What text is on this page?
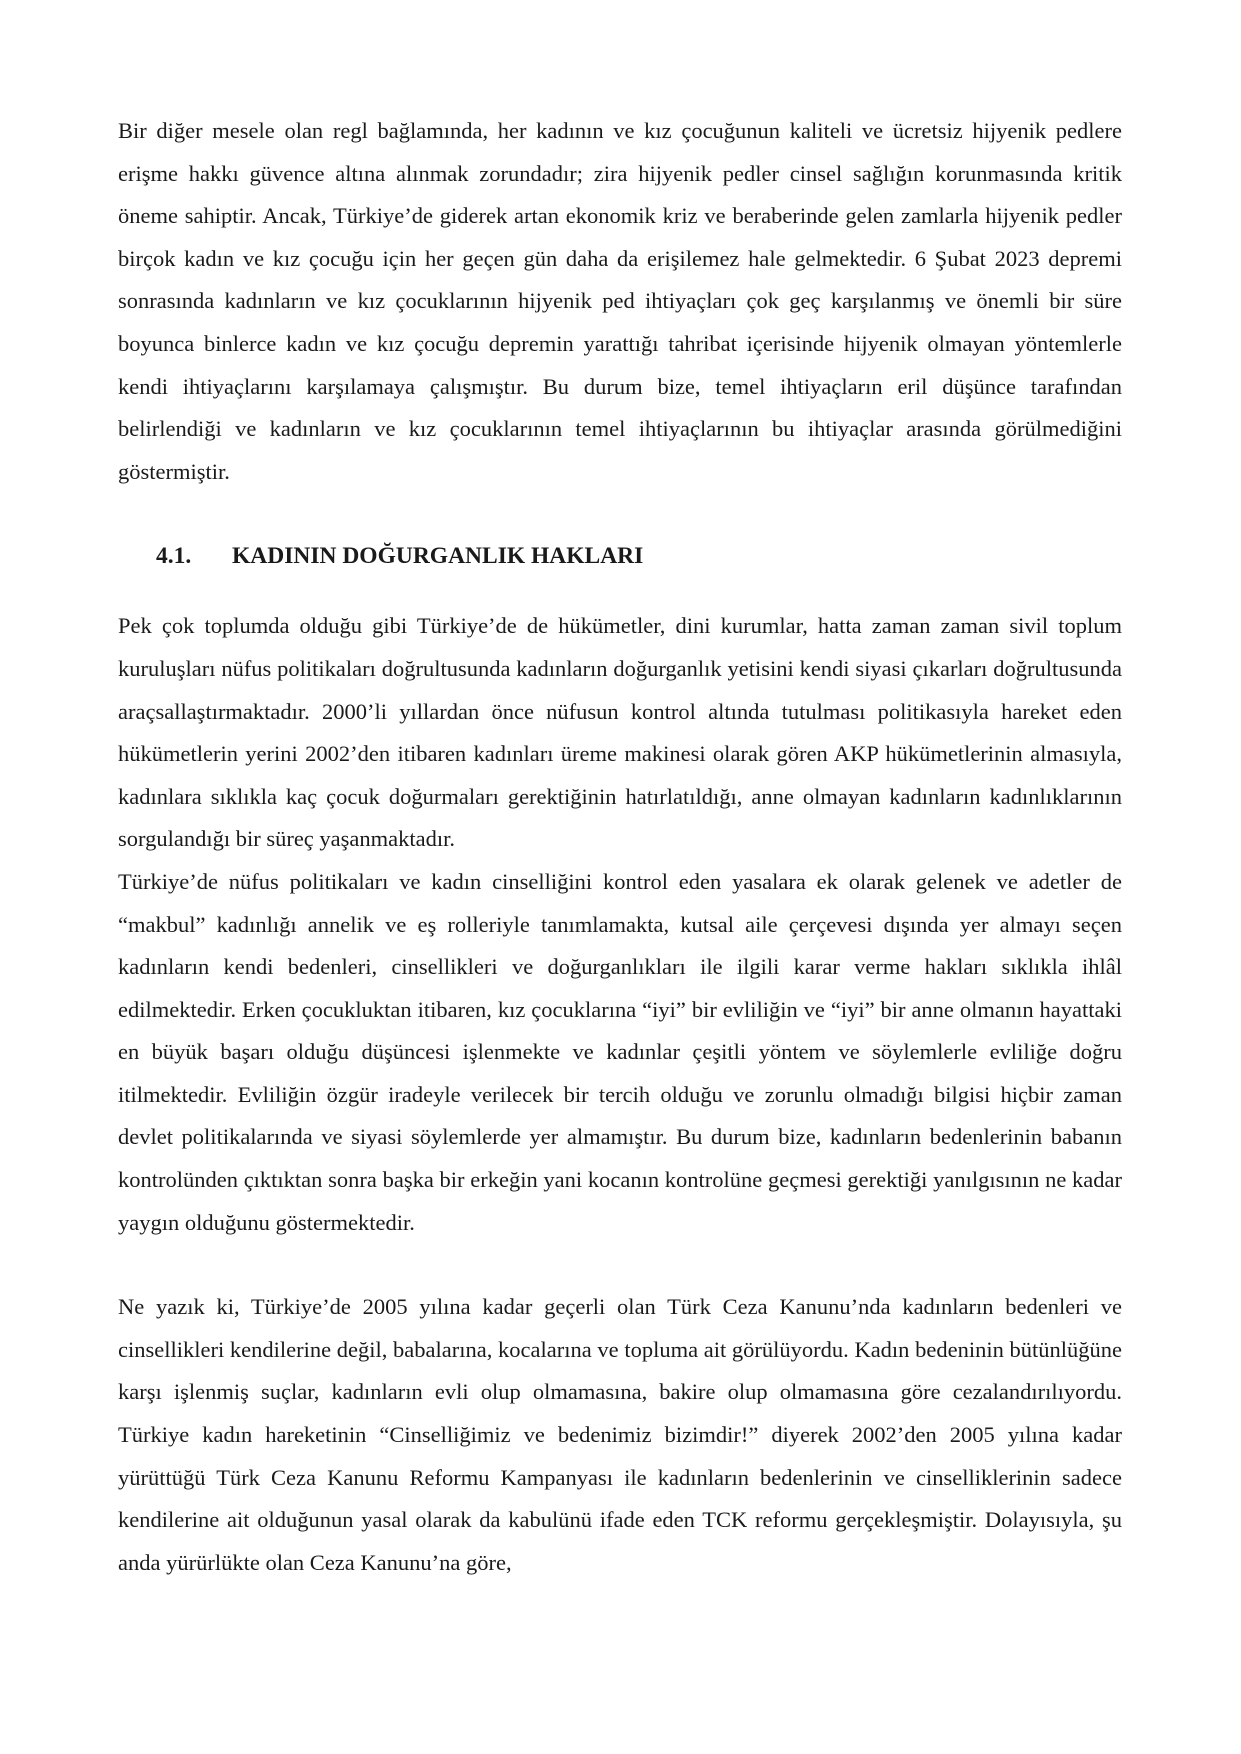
Bir diğer mesele olan regl bağlamında, her kadının ve kız çocuğunun kaliteli ve ücretsiz hijyenik pedlere erişme hakkı güvence altına alınmak zorundadır; zira hijyenik pedler cinsel sağlığın korunmasında kritik öneme sahiptir. Ancak, Türkiye’de giderek artan ekonomik kriz ve beraberinde gelen zamlarla hijyenik pedler birçok kadın ve kız çocuğu için her geçen gün daha da erişilemez hale gelmektedir. 6 Şubat 2023 depremi sonrasında kadınların ve kız çocuklarının hijyenik ped ihtiyaçları çok geç karşılanmış ve önemli bir süre boyunca binlerce kadın ve kız çocuğu depremin yarattığı tahribat içerisinde hijyenik olmayan yöntemlerle kendi ihtiyaçlarını karşılamaya çalışmıştır. Bu durum bize, temel ihtiyaçların eril düşünce tarafından belirlendiği ve kadınların ve kız çocuklarının temel ihtiyaçlarının bu ihtiyaçlar arasında görülmediğini göstermiştir.

4.1. KADININ DOĞURGANLIK HAKLARI

Pek çok toplumda olduğu gibi Türkiye’de de hükümetler, dini kurumlar, hatta zaman zaman sivil toplum kuruluşları nüfus politikaları doğrultusunda kadınların doğurganlık yetisini kendi siyasi çıkarları doğrultusunda araçsallaştırmaktadır. 2000’li yıllardan önce nüfusun kontrol altında tutulması politikasıyla hareket eden hükümetlerin yerini 2002’den itibaren kadınları üreme makinesi olarak gören AKP hükümetlerinin almasıyla, kadınlara sıklıkla kaç çocuk doğurmaları gerektiğinin hatırlatıldığı, anne olmayan kadınların kadınlıklarının sorgulandığı bir süreç yaşanmaktadır.

Türkiye’de nüfus politikaları ve kadın cinselliğini kontrol eden yasalara ek olarak gelenek ve adetler de “makbul” kadınlığı annelik ve eş rolleriyle tanımlamakta, kutsal aile çerçevesi dışında yer almayı seçen kadınların kendi bedenleri, cinsellikleri ve doğurganlıkları ile ilgili karar verme hakları sıklıkla ihlâl edilmektedir. Erken çocukluktan itibaren, kız çocuklarına “iyi” bir evliliğin ve “iyi” bir anne olmanın hayattaki en büyük başarı olduğu düşüncesi işlenmekte ve kadınlar çeşitli yöntem ve söylemlerle evliliğe doğru itilmektedir. Evliliğin özgür iradeyle verilecek bir tercih olduğu ve zorunlu olmadığı bilgisi hiçbir zaman devlet politikalarında ve siyasi söylemlerde yer almamıştır. Bu durum bize, kadınların bedenlerinin babanın kontrolünden çıktıktan sonra başka bir erkeğin yani kocanın kontrolüne geçmesi gerektiği yanılgısının ne kadar yaygın olduğunu göstermektedir.

Ne yazık ki, Türkiye’de 2005 yılına kadar geçerli olan Türk Ceza Kanunu’nda kadınların bedenleri ve cinsellikleri kendilerine değil, babalarına, kocalarına ve topluma ait görülüyordu. Kadın bedeninin bütünlüğüne karşı işlenmiş suçlar, kadınların evli olup olmamasına, bakire olup olmamasına göre cezalandırılıyordu. Türkiye kadın hareketinin “Cinselliğimiz ve bedenimiz bizimdir!” diyerek 2002’den 2005 yılına kadar yürüttüğü Türk Ceza Kanunu Reformu Kampanyası ile kadınların bedenlerinin ve cinselliklerinin sadece kendilerine ait olduğunun yasal olarak da kabulünü ifade eden TCK reformu gerçekleşmiştir. Dolayısıyla, şu anda yürürlükte olan Ceza Kanunu’na göre,
